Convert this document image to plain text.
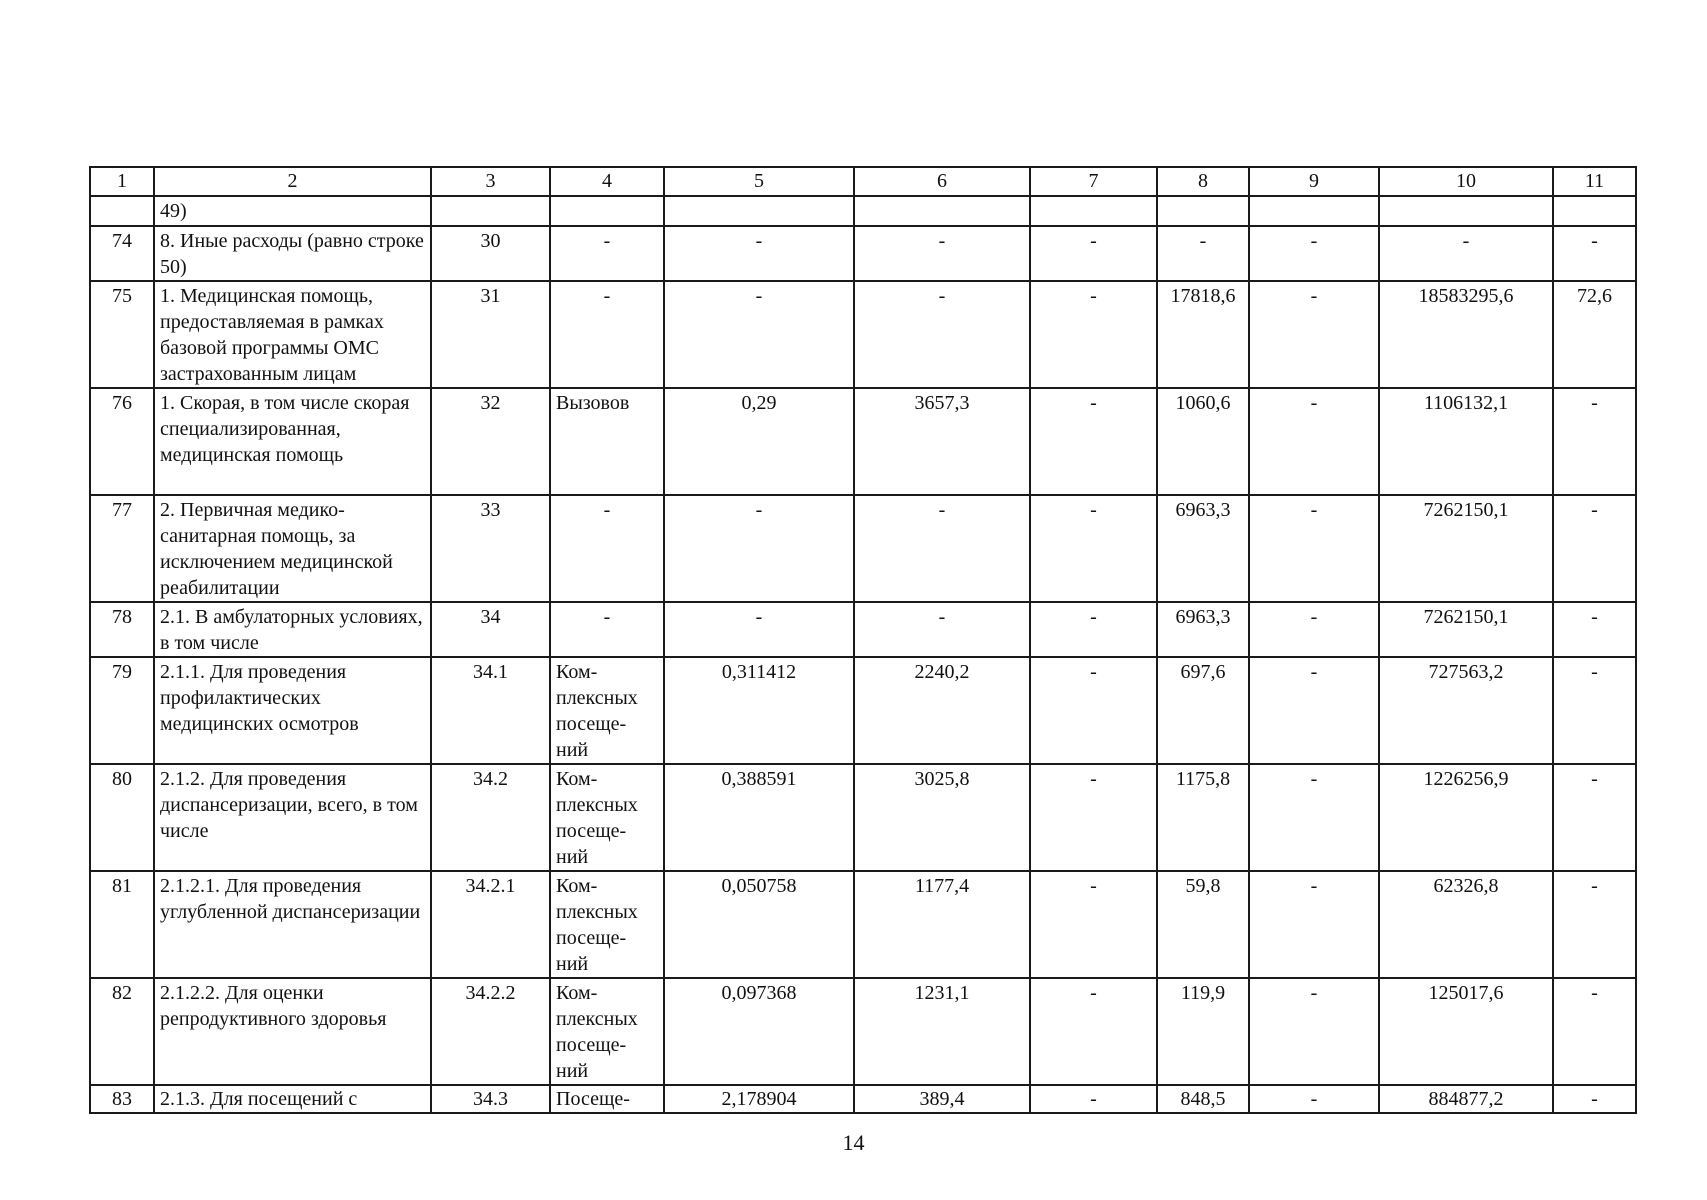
1	2	3	4	5	6	7	8	9	10	11
	49)									
74	8. Иные расходы (равно строке 50)	30	-	-	-	-	-	-	-	-
75	1. Медицинская помощь, предоставляемая в рамках базовой программы ОМС застрахованным лицам	31	-	-	-	-	17818,6	-	18583295,6	72,6
76	1. Скорая, в том числе скорая специализированная, медицинская помощь	32	Вызовов	0,29	3657,3	-	1060,6	-	1106132,1	-
77	2. Первичная медико-санитарная помощь, за исключением медицинской реабилитации	33	-	-	-	-	6963,3	-	7262150,1	-
78	2.1. В амбулаторных условиях, в том числе	34	-	-	-	-	6963,3	-	7262150,1	-
79	2.1.1. Для проведения профилактических медицинских осмотров	34.1	Ком-плексных посеще-ний	0,311412	2240,2	-	697,6	-	727563,2	-
80	2.1.2. Для проведения диспансеризации, всего, в том числе	34.2	Ком-плексных посеще-ний	0,388591	3025,8	-	1175,8	-	1226256,9	-
81	2.1.2.1. Для проведения углубленной диспансеризации	34.2.1	Ком-плексных посеще-ний	0,050758	1177,4	-	59,8	-	62326,8	-
82	2.1.2.2. Для оценки репродуктивного здоровья	34.2.2	Ком-плексных посеще-ний	0,097368	1231,1	-	119,9	-	125017,6	-
83	2.1.3. Для посещений с	34.3	Посеще-	2,178904	389,4	-	848,5	-	884877,2	-
14
